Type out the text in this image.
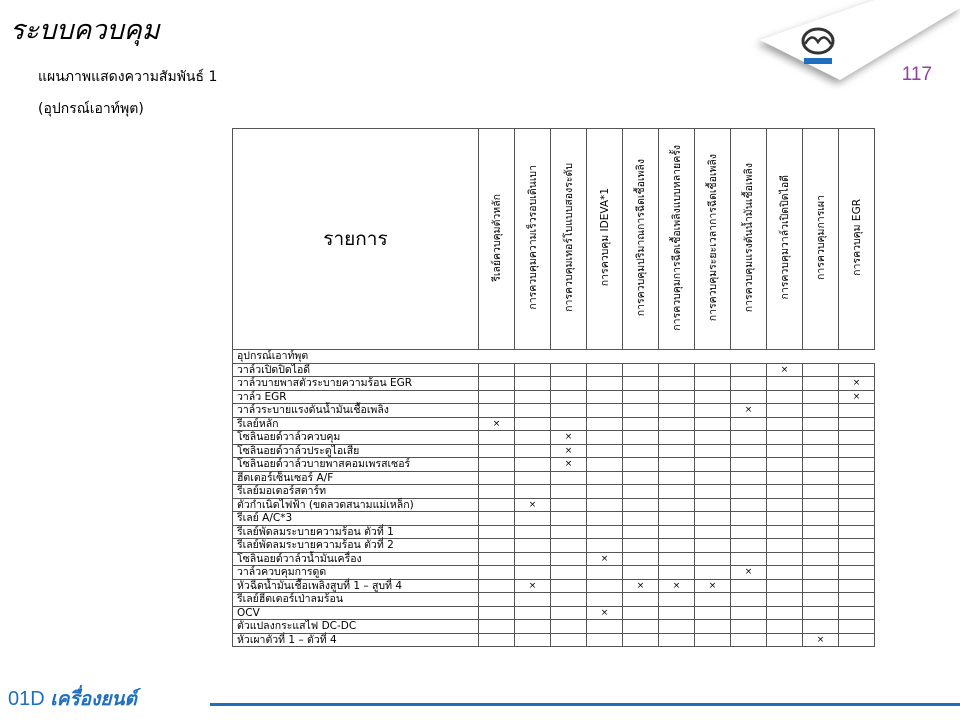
ระบบควบคุม
แผนภาพแสดงความสัมพันธ์ 1
(อุปกรณ์เอาท์พุต)
117
รายการ	รีเลย์ควบคุมตัวหลัก	การควบคุมความเร็วรอบเดินเบา	การควบคุมเทอร์โบแบบสองระดับ	การควบคุม IDEVA*1	การควบคุมปริมาณการฉีดเชื้อเพลิง	การควบคุมการฉีดเชื้อเพลิงแบบหลายครั้ง	การควบคุมระยะเวลาการฉีดเชื้อเพลิง	การควบคุมแรงดันน้ำมันเชื้อเพลิง	การควบคุมวาล์วเปิดปิดไอดี	การควบคุมการเผา	การควบคุม EGR
อุปกรณ์เอาท์พุต											
วาล์วเปิดปิดไอดี									×		
วาล์วบายพาสตัวระบายความร้อน EGR											×
วาล์ว EGR											×
วาล์วระบายแรงดันน้ำมันเชื้อเพลิง								×			
รีเลย์หลัก	×										
โซลินอยด์วาล์วควบคุม			×								
โซลินอยด์วาล์วประตูไอเสีย			×								
โซลินอยด์วาล์วบายพาสคอมเพรสเซอร์			×								
ฮีตเตอร์เซ็นเซอร์ A/F											
รีเลย์มอเตอร์สตาร์ท											
ตัวกำเนิดไฟฟ้า (ขดลวดสนามแม่เหล็ก)		×									
รีเลย์ A/C*3											
รีเลย์พัดลมระบายความร้อน ตัวที่ 1											
รีเลย์พัดลมระบายความร้อน ตัวที่ 2											
โซลินอยด์วาล์วน้ำมันเครื่อง				×							
วาล์วควบคุมการดูด								×			
หัวฉีดน้ำมันเชื้อเพลิงสูบที่ 1 – สูบที่ 4		×			×	×	×				
รีเลย์ฮีตเตอร์เป่าลมร้อน											
OCV				×							
ตัวแปลงกระแสไฟ DC-DC											
หัวเผาตัวที่ 1 – ตัวที่ 4										×	
01D เครื่องยนต์
